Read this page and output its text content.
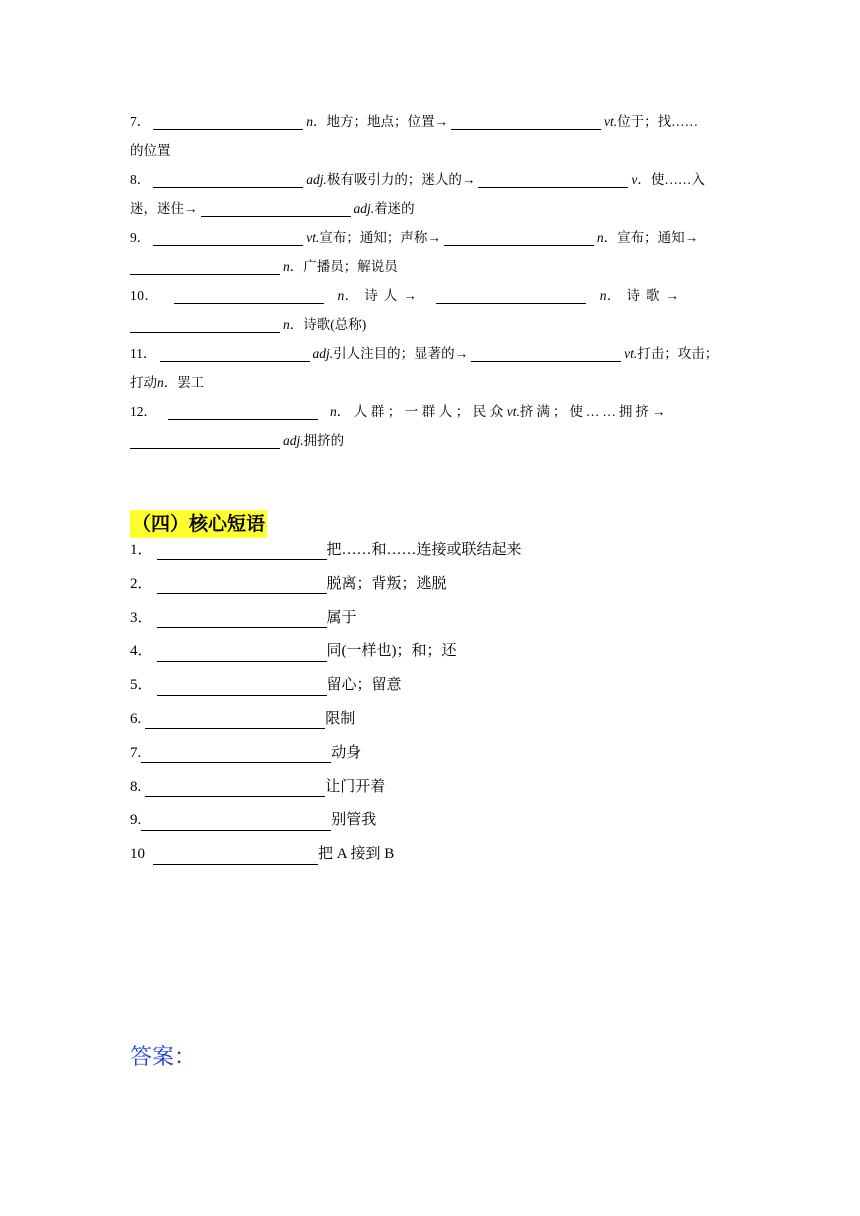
7．	n ．地方；地点；位置→	vt. 位于；找……
的位置
8．	adj. 极有吸引力的；迷人的→	v ．使……入
迷，迷住→	adj. 着迷的
9．	vt. 宣布；通知；声称→	n ．宣布；通知→
n ．广播员；解说员
10．	n ．诗人→	n ．诗歌→
n ．诗歌(总称)
11．	adj. 引人注目的；显著的→	vt. 打击；攻击；
打动 n ．罢工
12．	n ．人群；一群人；民众 vt. 挤满；使……拥挤→
adj. 拥挤的
（四）核心短语
1．	把……和……连接或联结起来
2．	脱离；背叛；逃脱
3．	属于
4．	同(一样也)；和；还
5．	留心；留意
6.	限制
7.	动身
8.	让门开着
9.	别管我
10	把 A 接到 B
答案：
